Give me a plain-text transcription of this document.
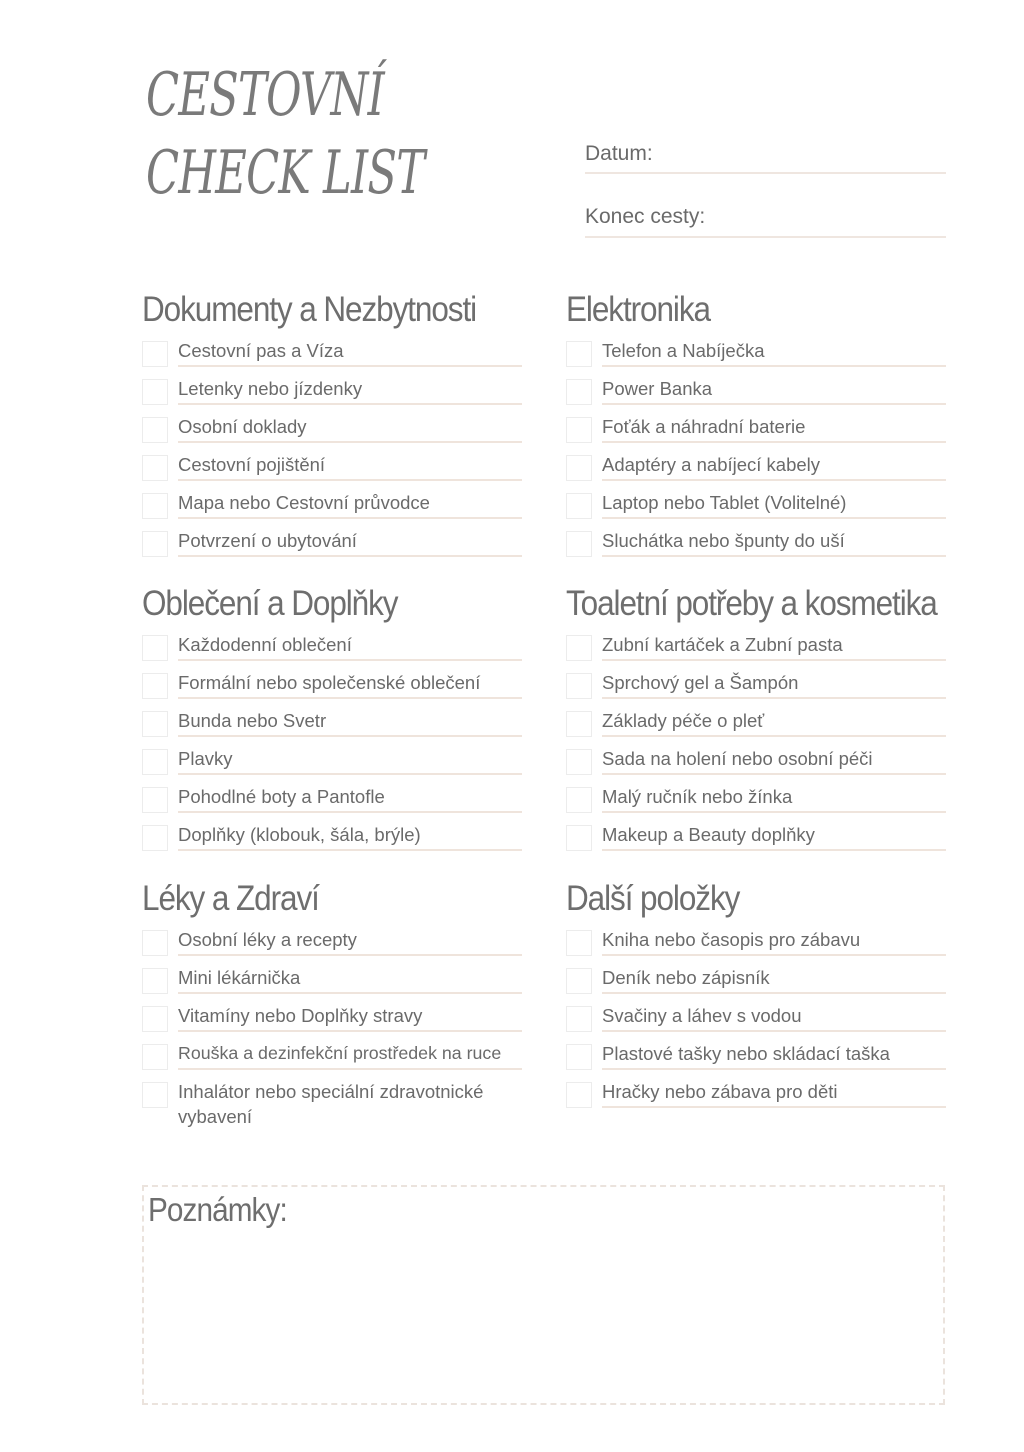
CESTOVNÍ
CHECK LIST	Datum:
Konec cesty:
Dokumenty a Nezbytnosti
Cestovní pas a Víza
Letenky nebo jízdenky
Osobní doklady
Cestovní pojištění
Mapa nebo Cestovní průvodce
Potvrzení o ubytování
Oblečení a Doplňky
Každodenní oblečení
Formální nebo společenské oblečení
Bunda nebo Svetr
Plavky
Pohodlné boty a Pantofle
Doplňky (klobouk, šála, brýle)
Léky a Zdraví
Osobní léky a recepty
Mini lékárnička
Vitamíny nebo Doplňky stravy
Rouška a dezinfekční prostředek na ruce
Inhalátor nebo speciální zdravotnické vybavení
Elektronika
Telefon a Nabíječka
Power Banka
Foťák a náhradní baterie
Adaptéry a nabíjecí kabely
Laptop nebo Tablet (Volitelné)
Sluchátka nebo špunty do uší
Toaletní potřeby a kosmetika
Zubní kartáček a Zubní pasta
Sprchový gel a Šampón
Základy péče o pleť
Sada na holení nebo osobní péči
Malý ručník nebo žínka
Makeup a Beauty doplňky
Další položky
Kniha nebo časopis pro zábavu
Deník nebo zápisník
Svačiny a láhev s vodou
Plastové tašky nebo skládací taška
Hračky nebo zábava pro děti
Poznámky:
